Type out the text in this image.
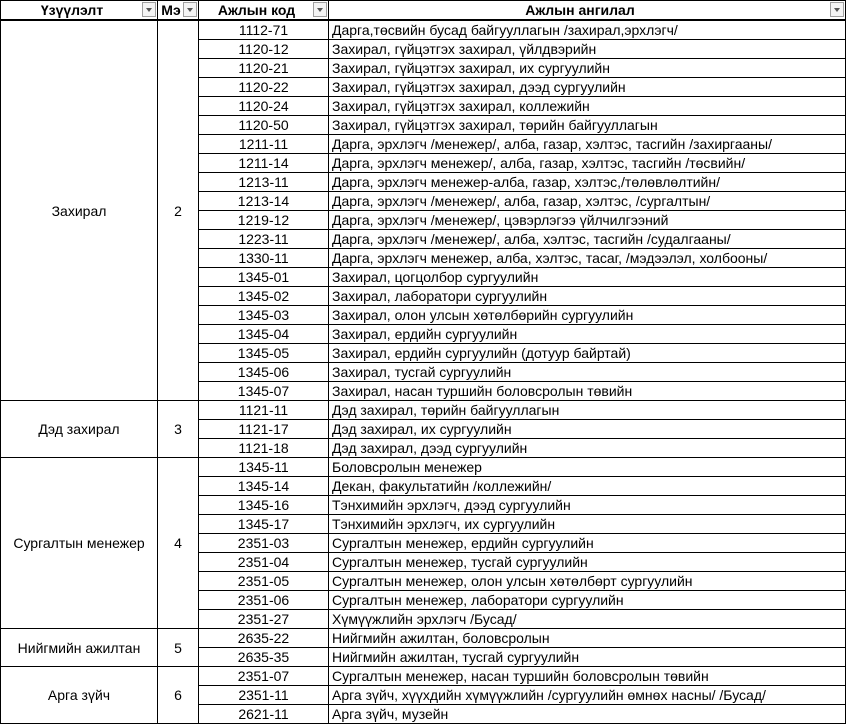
Үзүүлэлт	Мэ	Ажлын код	Ажлын ангилал

Захирал	2	1112-71	Дарга,төсвийн бусад байгууллагын /захирал,эрхлэгч/
		1120-12	Захирал, гүйцэтгэх захирал, үйлдвэрийн
		1120-21	Захирал, гүйцэтгэх захирал, их сургуулийн
		1120-22	Захирал, гүйцэтгэх захирал, дээд сургуулийн
		1120-24	Захирал, гүйцэтгэх захирал, коллежийн
		1120-50	Захирал, гүйцэтгэх захирал, төрийн байгууллагын
		1211-11	Дарга, эрхлэгч /менежер/, алба, газар, хэлтэс, тасгийн /захиргааны/
		1211-14	Дарга, эрхлэгч менежер/, алба, газар, хэлтэс, тасгийн /төсвийн/
		1213-11	Дарга, эрхлэгч менежер-алба, газар, хэлтэс,/төлөвлөлтийн/
		1213-14	Дарга, эрхлэгч /менежер/, алба, газар, хэлтэс, /сургалтын/
		1219-12	Дарга, эрхлэгч /менежер/, цэвэрлэгээ үйлчилгээний
		1223-11	Дарга, эрхлэгч /менежер/, алба, хэлтэс, тасгийн /судалгааны/
		1330-11	Дарга, эрхлэгч менежер, алба, хэлтэс, тасаг, /мэдээлэл, холбооны/
		1345-01	Захирал, цогцолбор сургуулийн
		1345-02	Захирал, лаборатори сургуулийн
		1345-03	Захирал, олон улсын хөтөлбөрийн сургуулийн
		1345-04	Захирал, ердийн сургуулийн
		1345-05	Захирал, ердийн сургуулийн (дотуур байртай)
		1345-06	Захирал, тусгай сургуулийн
		1345-07	Захирал, насан туршийн боловсролын төвийн
Дэд захирал	3	1121-11	Дэд захирал, төрийн байгууллагын
		1121-17	Дэд захирал, их сургуулийн
		1121-18	Дэд захирал, дээд сургуулийн
Сургалтын менежер	4	1345-11	Боловсролын менежер
		1345-14	Декан, факультатийн /коллежийн/
		1345-16	Тэнхимийн эрхлэгч, дээд сургуулийн
		1345-17	Тэнхимийн эрхлэгч, их сургуулийн
		2351-03	Сургалтын менежер, ердийн сургуулийн
		2351-04	Сургалтын менежер, тусгай сургуулийн
		2351-05	Сургалтын менежер, олон улсын хөтөлбөрт сургуулийн
		2351-06	Сургалтын менежер, лаборатори сургуулийн
		2351-27	Хүмүүжлийн эрхлэгч /Бусад/
Нийгмийн ажилтан	5	2635-22	Нийгмийн ажилтан, боловсролын
		2635-35	Нийгмийн ажилтан, тусгай сургуулийн
Арга зүйч	6	2351-07	Сургалтын менежер, насан туршийн боловсролын төвийн
		2351-11	Арга зүйч, хүүхдийн хүмүүжлийн /сургуулийн өмнөх насны/ /Бусад/
		2621-11	Арга зүйч, музейн
